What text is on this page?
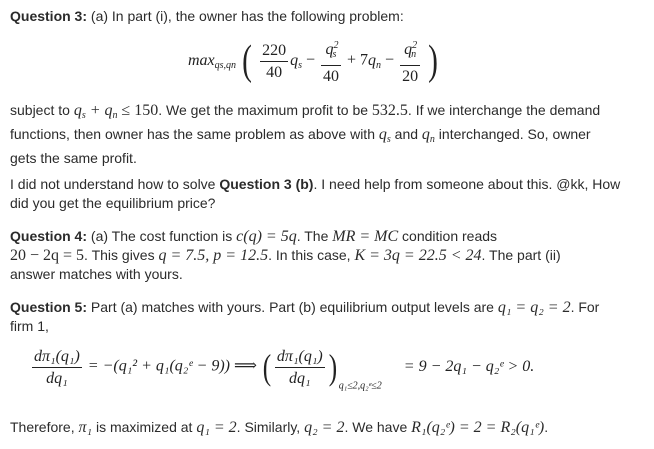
Question 3: (a) In part (i), the owner has the following problem:

$\max_{qs,qn}$ ( $\frac{220}{40} q_s - \frac{q^2_s}{40} + 7q_n - \frac{q^2_n}{20}$ )

subject to $q_s + q_n \le 150$. We get the maximum profit to be 532.5. If we interchange the demand
functions, then owner has the same problem as above with $q_s$ and $q_n$ interchanged. So, owner
gets the same profit.

I did not understand how to solve Question 3 (b). I need help from someone about this. @kk, How
did you get the equilibrium price?

Question 4: (a) The cost function is c(q) = 5q. The MR = MC condition reads
20 − 2q = 5. This gives q = 7.5, p = 12.5. In this case, K = 3q = 22.5 < 24. The part (ii)
answer matches with yours.

Question 5: Part (a) matches with yours. Part (b) equilibrium output levels are q₁ = q₂ = 2. For
firm 1,

$\frac{\text{dπ₁(q₁)}}{\text{dq₁}} = -(q_1^2$ + q₁(q₂ᵉ − 9)) ⟹ ( $\frac{\text{dπ₁(q₁)}}{\text{dq₁}}$ ) $_{q_1\le 2,q_2ᵉ\le 2}$ = 9 − 2q₁ − q₂ᵉ > 0.

Therefore, π₁ is maximized at q₁ = 2. Similarly, q₂ = 2. We have R₁(q₂ᵉ) = 2 = R₂(q₁ᵉ).
